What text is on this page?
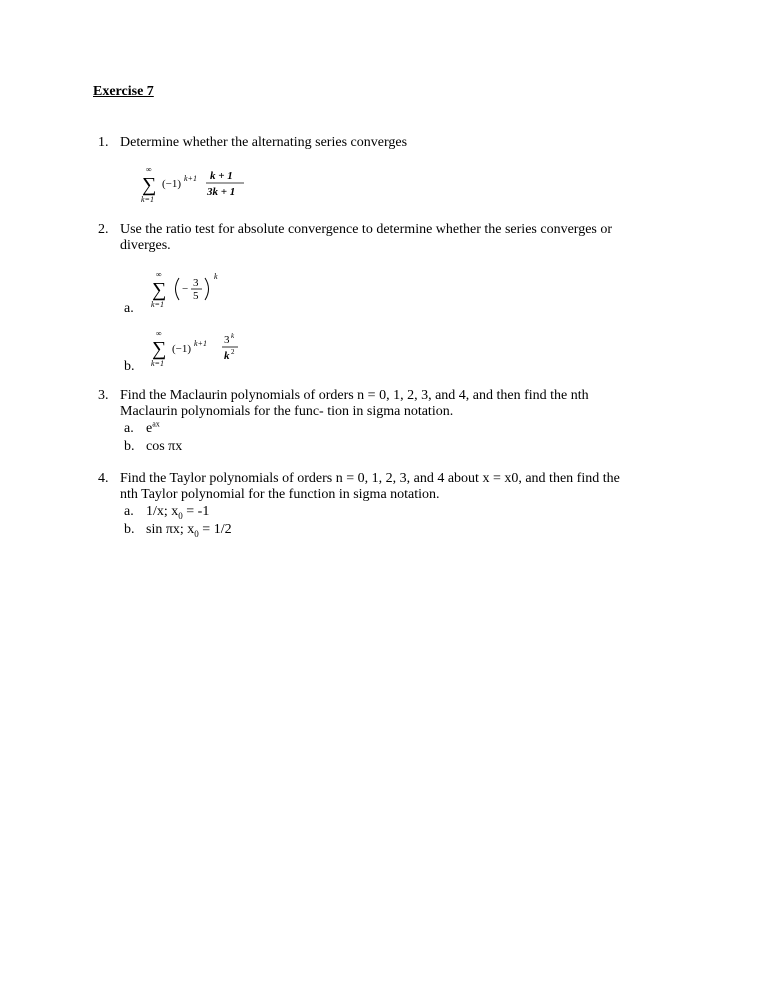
Exercise 7
1. Determine whether the alternating series converges
∞
∑
k=1
(−1) k+1 k + 1
3k + 1
2. Use the ratio test for absolute convergence to determine whether the series converges or
diverges.
a.
∞
∑
k=1
− 3
5
k
b.
∞
∑
k=1
(−1) k+1 3 k
k 2
3. Find the Maclaurin polynomials of orders n = 0, 1, 2, 3, and 4, and then find the nth
Maclaurin polynomials for the func- tion in sigma notation.
a. $e^{ax}$
b. cos πx
4. Find the Taylor polynomials of orders n = 0, 1, 2, 3, and 4 about x = x0, and then find the
nth Taylor polynomial for the function in sigma notation.
a. 1/x; $x_0 = -1$
b. sin πx; $x_0 = 1/2$
